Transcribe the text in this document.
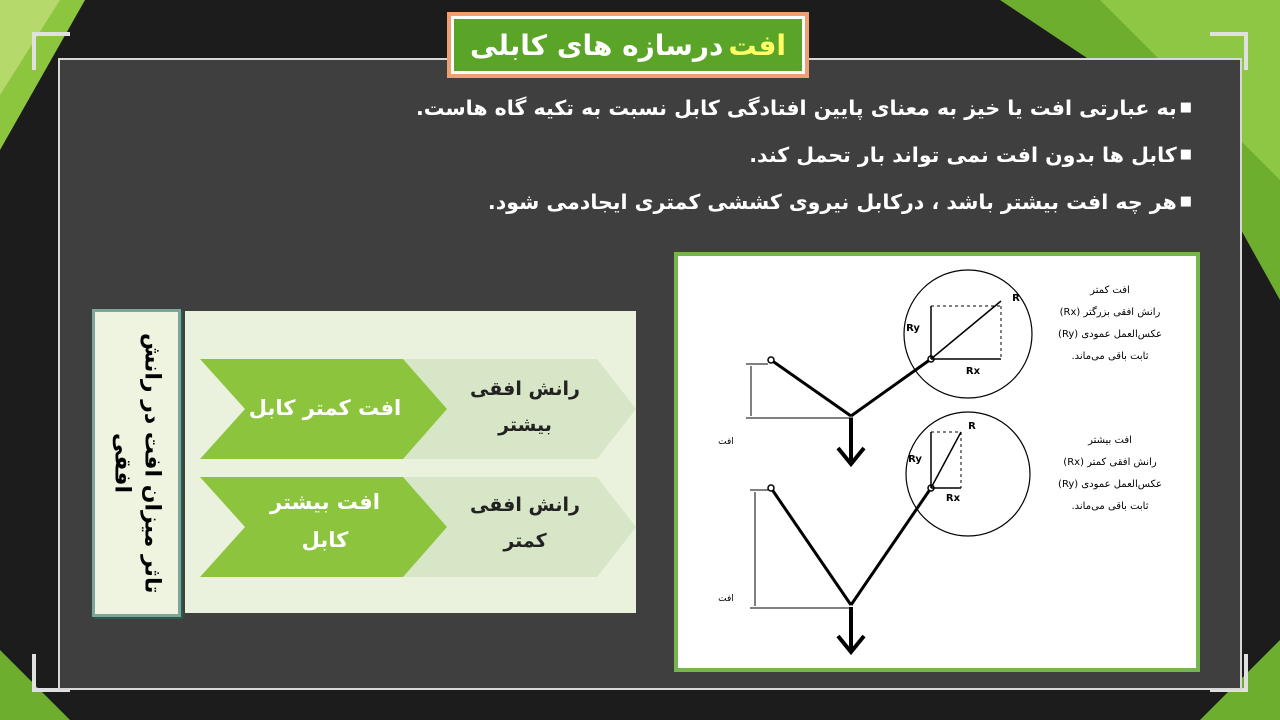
افت

درسازه های کابلی
■به عبارتی افت یا خیز به معنای پایین افتادگی کابل نسبت به تکیه گاه هاست.
■کابل ها بدون افت نمی تواند بار تحمل کند.
■هر چه افت بیشتر باشد ، درکابل نیروی کششی کمتری ایجادمی شود.
تاثر میزان افت در رانش افقی
افت کمتر کابل
رانش افقی
بیشتر
افت بیشتر
کابل
رانش افقی
کمتر
افت
افت
R
Ry
Rx
R
Ry
Rx
افت کمتر
رانش افقی بزرگتر (Rx)
عکس‌العمل عمودی (Ry)
ثابت باقی می‌ماند.
افت بیشتر
رانش افقی کمتر (Rx)
عکس‌العمل عمودی (Ry)
ثابت باقی می‌ماند.
